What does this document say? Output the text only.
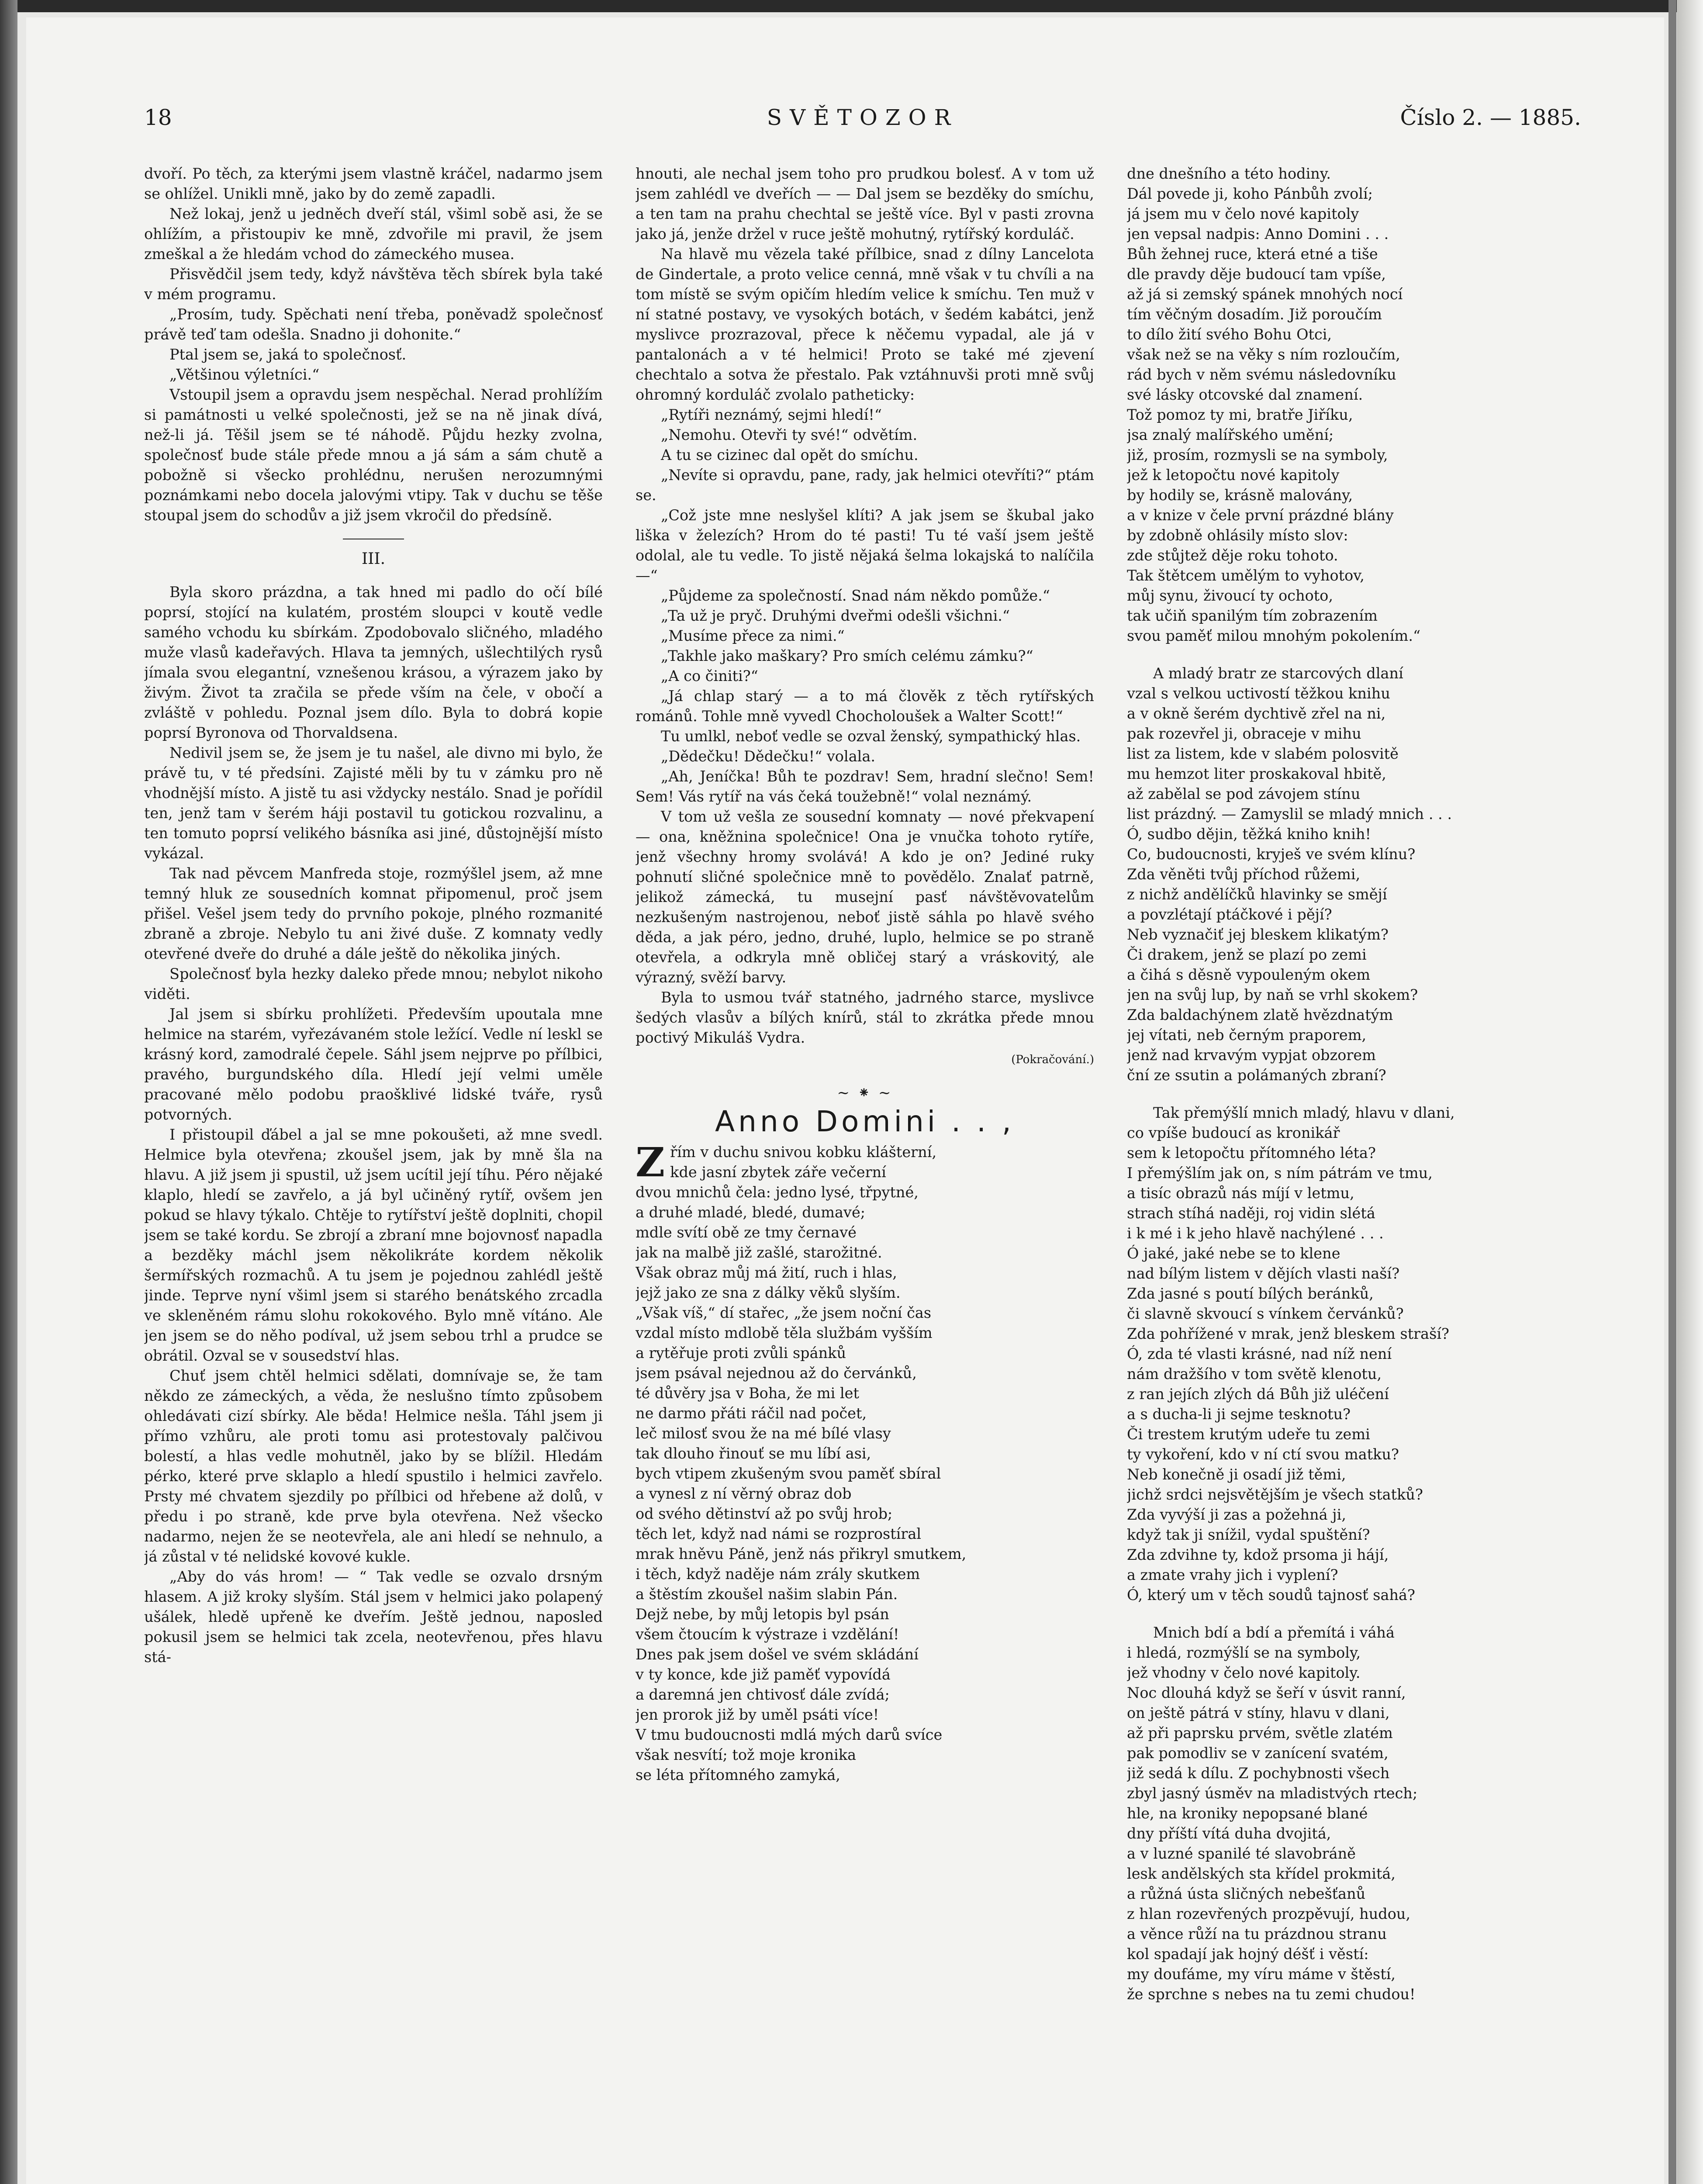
18	SVĚTOZOR	Číslo 2. — 1885.

dvoří. Po těch, za kterými jsem vlastně kráčel, nadarmo jsem se ohlížel. Unikli mně, jako by do země zapadli.

Než lokaj, jenž u jedněch dveří stál, všiml sobě asi, že se ohlížím, a přistoupiv ke mně, zdvořile mi pravil, že jsem zmeškal a že hledám vchod do zámeckého musea.

Přisvědčil jsem tedy, když návštěva těch sbírek byla také v mém programu.

„Prosím, tudy. Spěchati není třeba, poněvadž společnosť právě teď tam odešla. Snadno ji dohonite.“

Ptal jsem se, jaká to společnosť.

„Většinou výletníci.“

Vstoupil jsem a opravdu jsem nespěchal. Nerad prohlížím si památnosti u velké společnosti, jež se na ně jinak dívá, než-li já. Těšil jsem se té náhodě. Půjdu hezky zvolna, společnosť bude stále přede mnou a já sám a sám chutě a pobožně si všecko prohlédnu, nerušen nerozumnými poznámkami nebo docela jalovými vtipy. Tak v duchu se těše stoupal jsem do schodův a již jsem vkročil do předsíně.

III.

Byla skoro prázdna, a tak hned mi padlo do očí bílé poprsí, stojící na kulatém, prostém sloupci v koutě vedle samého vchodu ku sbírkám. Zpodobovalo sličného, mladého muže vlasů kadeřavých. Hlava ta jemných, ušlechtilých rysů jímala svou elegantní, vznešenou krásou, a výrazem jako by živým. Život ta zračila se přede vším na čele, v obočí a zvláště v pohledu. Poznal jsem dílo. Byla to dobrá kopie poprsí Byronova od Thorvaldsena.

Nedivil jsem se, že jsem je tu našel, ale divno mi bylo, že právě tu, v té předsíni. Zajisté měli by tu v zámku pro ně vhodnější místo. A jistě tu asi vždycky nestálo. Snad je pořídil ten, jenž tam v šerém háji postavil tu gotickou rozvalinu, a ten tomuto poprsí velikého básníka asi jiné, důstojnější místo vykázal.

Tak nad pěvcem Manfreda stoje, rozmýšlel jsem, až mne temný hluk ze sousedních komnat připomenul, proč jsem přišel. Vešel jsem tedy do prvního pokoje, plného rozmanité zbraně a zbroje. Nebylo tu ani živé duše. Z komnaty vedly otevřené dveře do druhé a dále ještě do několika jiných.

Společnosť byla hezky daleko přede mnou; nebylot nikoho viděti.

Jal jsem si sbírku prohlížeti. Především upoutala mne helmice na starém, vyřezávaném stole ležící. Vedle ní leskl se krásný kord, zamodralé čepele. Sáhl jsem nejprve po přílbici, pravého, burgundského díla. Hledí její velmi uměle pracované mělo podobu praošklivé lidské tváře, rysů potvorných.

I přistoupil ďábel a jal se mne pokoušeti, až mne svedl. Helmice byla otevřena; zkoušel jsem, jak by mně šla na hlavu. A již jsem ji spustil, už jsem ucítil její tíhu. Péro nějaké klaplo, hledí se zavřelo, a já byl učiněný rytíř, ovšem jen pokud se hlavy týkalo. Chtěje to rytířství ještě doplniti, chopil jsem se také kordu. Se zbrojí a zbraní mne bojovnosť napadla a bezděky máchl jsem několikráte kordem několik šermířských rozmachů. A tu jsem je pojednou zahlédl ještě jinde. Teprve nyní všiml jsem si starého benátského zrcadla ve skleněném rámu slohu rokokového. Bylo mně vítáno. Ale jen jsem se do něho podíval, už jsem sebou trhl a prudce se obrátil. Ozval se v sousedství hlas.

Chuť jsem chtěl helmici sdělati, domnívaje se, že tam někdo ze zámeckých, a věda, že neslušno tímto způsobem ohledávati cizí sbírky. Ale běda! Helmice nešla. Táhl jsem ji přímo vzhůru, ale proti tomu asi protestovaly palčivou bolestí, a hlas vedle mohutněl, jako by se blížil. Hledám pérko, které prve sklaplo a hledí spustilo i helmici zavřelo. Prsty mé chvatem sjezdily po přílbici od hřebene až dolů, v předu i po straně, kde prve byla otevřena. Než všecko nadarmo, nejen že se neotevřela, ale ani hledí se nehnulo, a já zůstal v té nelidské kovové kukle.

„Aby do vás hrom! — “ Tak vedle se ozvalo drsným hlasem. A již kroky slyším. Stál jsem v helmici jako polapený ušálek, hledě upřeně ke dveřím. Ještě jednou, naposled pokusil jsem se helmici tak zcela, neotevřenou, přes hlavu stá-

hnouti, ale nechal jsem toho pro prudkou bolesť. A v tom už jsem zahlédl ve dveřích — — Dal jsem se bezděky do smíchu, a ten tam na prahu chechtal se ještě více. Byl v pasti zrovna jako já, jenže držel v ruce ještě mohutný, rytířský korduláč.

Na hlavě mu vězela také přílbice, snad z dílny Lancelota de Gindertale, a proto velice cenná, mně však v tu chvíli a na tom místě se svým opičím hledím velice k smíchu. Ten muž v ní statné postavy, ve vysokých botách, v šedém kabátci, jenž myslivce prozrazoval, přece k něčemu vypadal, ale já v pantalonách a v té helmici! Proto se také mé zjevení chechtalo a sotva že přestalo. Pak vztáhnuvši proti mně svůj ohromný korduláč zvolalo patheticky:

„Rytíři neznámý, sejmi hledí!“

„Nemohu. Otevři ty své!“ odvětím.

A tu se cizinec dal opět do smíchu.

„Nevíte si opravdu, pane, rady, jak helmici otevříti?“ ptám se.

„Což jste mne neslyšel klíti? A jak jsem se škubal jako liška v železích? Hrom do té pasti! Tu té vaší jsem ještě odolal, ale tu vedle. To jistě nějaká šelma lokajská to nalíčila —“

„Půjdeme za společností. Snad nám někdo pomůže.“

„Ta už je pryč. Druhými dveřmi odešli všichni.“

„Musíme přece za nimi.“

„Takhle jako maškary? Pro smích celému zámku?“

„A co činiti?“

„Já chlap starý — a to má člověk z těch rytířských románů. Tohle mně vyvedl Chocholoušek a Walter Scott!“

Tu umlkl, neboť vedle se ozval ženský, sympathický hlas.

„Dědečku! Dědečku!“ volala.

„Ah, Jeníčka! Bůh te pozdrav! Sem, hradní slečno! Sem! Sem! Vás rytíř na vás čeká toužebně!“ volal neznámý.

V tom už vešla ze sousední komnaty — nové překvapení — ona, kněžnina společnice! Ona je vnučka tohoto rytíře, jenž všechny hromy svolává! A kdo je on? Jediné ruky pohnutí sličné společnice mně to povědělo. Znalať patrně, jelikož zámecká, tu musejní pasť návštěvovatelům nezkušeným nastrojenou, neboť jistě sáhla po hlavě svého děda, a jak péro, jedno, druhé, luplo, helmice se po straně otevřela, a odkryla mně obličej starý a vráskovitý, ale výrazný, svěží barvy.

Byla to usmou tvář statného, jadrného starce, myslivce šedých vlasův a bílých knírů, stál to zkrátka přede mnou poctivý Mikuláš Vydra.

(Pokračování.)
~ ⁕ ~
Anno Domini . . ,
Z řím v duchu snivou kobku klášterní,
kde jasní zbytek záře večerní
dvou mnichů čela: jedno lysé, třpytné,
a druhé mladé, bledé, dumavé;
mdle svítí obě ze tmy černavé
jak na malbě již zašlé, starožitné.
Však obraz můj má žití, ruch i hlas,
jejž jako ze sna z dálky věků slyším.
„Však víš,“ dí stařec, „že jsem noční čas
vzdal místo mdlobě těla službám vyšším
a rytěřuje proti zvůli spánků
jsem psával nejednou až do červánků,
té důvěry jsa v Boha, že mi let
ne darmo přáti ráčil nad počet,
leč milosť svou že na mé bílé vlasy
tak dlouho řinouť se mu líbí asi,
bych vtipem zkušeným svou paměť sbíral
a vynesl z ní věrný obraz dob
od svého dětinství až po svůj hrob;
těch let, když nad námi se rozprostíral
mrak hněvu Páně, jenž nás přikryl smutkem,
i těch, když naděje nám zrály skutkem
a štěstím zkoušel našim slabin Pán.
Dejž nebe, by můj letopis byl psán
všem čtoucím k výstraze i vzdělání!
Dnes pak jsem došel ve svém skládání
v ty konce, kde již paměť vypovídá
a daremná jen chtivosť dále zvídá;
jen prorok již by uměl psáti více!
V tmu budoucnosti mdlá mých darů svíce
však nesvítí; tož moje kronika
se léta přítomného zamyká,
dne dnešního a této hodiny.
Dál povede ji, koho Pánbůh zvolí;
já jsem mu v čelo nové kapitoly
jen vepsal nadpis: Anno Domini . . .
Bůh žehnej ruce, která etné a tiše
dle pravdy děje budoucí tam vpíše,
až já si zemský spánek mnohých nocí
tím věčným dosadím. Již poroučím
to dílo žití svého Bohu Otci,
však než se na věky s ním rozloučím,
rád bych v něm svému následovníku
své lásky otcovské dal znamení.
Tož pomoz ty mi, bratře Jiříku,
jsa znalý malířského umění;
již, prosím, rozmysli se na symboly,
jež k letopočtu nové kapitoly
by hodily se, krásně malovány,
a v knize v čele první prázdné blány
by zdobně ohlásily místo slov:
zde stůjtež děje roku tohoto.
Tak štětcem umělým to vyhotov,
můj synu, živoucí ty ochoto,
tak učiň spanilým tím zobrazením
svou paměť milou mnohým pokolením.“
A mladý bratr ze starcových dlaní
vzal s velkou uctivostí těžkou knihu
a v okně šerém dychtivě zřel na ni,
pak rozevřel ji, obraceje v mihu
list za listem, kde v slabém polosvitě
mu hemzot liter proskakoval hbitě,
až zabělal se pod závojem stínu
list prázdný. — Zamyslil se mladý mnich . . .
Ó, sudbo dějin, těžká kniho knih!
Co, budoucnosti, kryješ ve svém klínu?
Zda věněti tvůj příchod růžemi,
z nichž andělíčků hlavinky se smějí
a povzlétají ptáčkové i pějí?
Neb vyznačiť jej bleskem klikatým?
Či drakem, jenž se plazí po zemi
a čihá s děsně vypouleným okem
jen na svůj lup, by naň se vrhl skokem?
Zda baldachýnem zlatě hvězdnatým
jej vítati, neb černým praporem,
jenž nad krvavým vypjat obzorem
ční ze ssutin a polámaných zbraní?
Tak přemýšlí mnich mladý, hlavu v dlani,
co vpíše budoucí as kronikář
sem k letopočtu přítomného léta?
I přemýšlím jak on, s ním pátrám ve tmu,
a tisíc obrazů nás míjí v letmu,
strach stíhá naději, roj vidin slétá
i k mé i k jeho hlavě nachýlené . . .
Ó jaké, jaké nebe se to klene
nad bílým listem v dějích vlasti naší?
Zda jasné s poutí bílých beránků,
či slavně skvoucí s vínkem červánků?
Zda pohřížené v mrak, jenž bleskem straší?
Ó, zda té vlasti krásné, nad níž není
nám dražšího v tom světě klenotu,
z ran jejích zlých dá Bůh již uléčení
a s ducha-li ji sejme tesknotu?
Či trestem krutým udeře tu zemi
ty vykoření, kdo v ní ctí svou matku?
Neb konečně ji osadí již těmi,
jichž srdci nejsvětějším je všech statků?
Zda vyvýší ji zas a požehná ji,
když tak ji snížil, vydal spuštění?
Zda zdvihne ty, kdož prsoma ji hájí,
a zmate vrahy jich i vyplení?
Ó, který um v těch soudů tajnosť sahá?
Mnich bdí a bdí a přemítá i váhá
i hledá, rozmýšlí se na symboly,
jež vhodny v čelo nové kapitoly.
Noc dlouhá když se šeří v úsvit ranní,
on ještě pátrá v stíny, hlavu v dlani,
až při paprsku prvém, světle zlatém
pak pomodliv se v zanícení svatém,
již sedá k dílu. Z pochybnosti všech
zbyl jasný úsměv na mladistvých rtech;
hle, na kroniky nepopsané blané
dny příští vítá duha dvojitá,
a v luzné spanilé té slavobráně
lesk andělských sta křídel prokmitá,
a růžná ústa sličných nebešťanů
z hlan rozevřených prozpěvují, hudou,
a věnce růží na tu prázdnou stranu
kol spadají jak hojný déšť i věstí:
my doufáme, my víru máme v štěstí,
že sprchne s nebes na tu zemi chudou!
